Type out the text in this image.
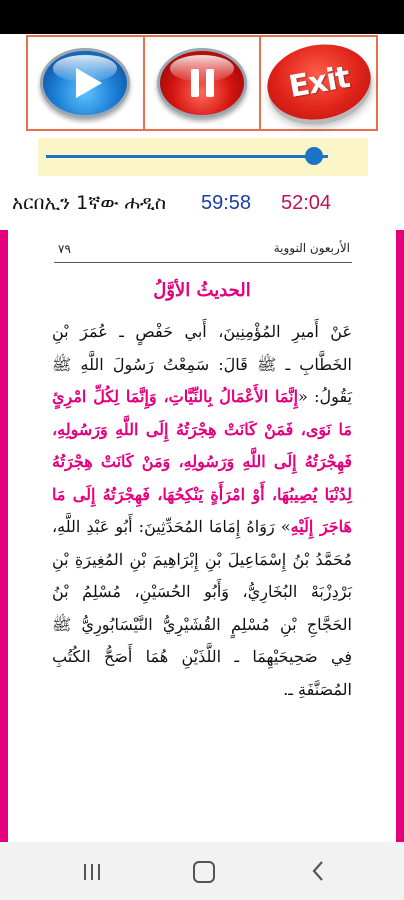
Exit
አርበኢን 1ኛው ሐዲስ 59:58 52:04
٧٩	الأربعون النووية
الحديثُ الأوَّلُ
عَنْ أَميرِ المُؤْمِنِينَ، أَبي حَفْصٍ ـ عُمَرَ بْنِ الخَطَّابِ ـ ﷺ قَالَ: سَمِعْتُ رَسُولَ اللَّهِ ﷺ يَقُولُ: «إِنَّمَا الأَعْمَالُ بِالنِّيَّاتِ، وَإِنَّمَا لِكُلِّ امْرِئٍ مَا نَوَى، فَمَنْ كَانَتْ هِجْرَتُهُ إِلَى اللَّهِ وَرَسُولِهِ، فَهِجْرَتُهُ إِلَى اللَّهِ وَرَسُولِهِ، وَمَنْ كَانَتْ هِجْرَتُهُ لِدُنْيَا يُصِيبُهَا، أَوْ امْرَأَةٍ يَنْكِحُهَا، فَهِجْرَتُهُ إِلَى مَا هَاجَرَ إِلَيْهِ» رَوَاهُ إِمَامَا المُحَدِّثِينَ: أَبُو عَبْدِ اللَّهِ، مُحَمَّدُ بْنُ إِسْمَاعِيلَ بْنِ إِبْرَاهِيمَ بْنِ المُغِيرَةِ بْنِ بَرْدِزْبَهْ البُخَارِيُّ، وَأَبُو الحُسَيْنِ، مُسْلِمُ بْنُ الحَجَّاجِ بْنِ مُسْلِمٍ القُشَيْرِيُّ النَّيْسَابُورِيُّ ﷺ فِي صَحِيحَيْهِمَا ـ اللَّذَيْنِ هُمَا أَصَحُّ الكُتُبِ المُصَنَّفَةِ ـ.
